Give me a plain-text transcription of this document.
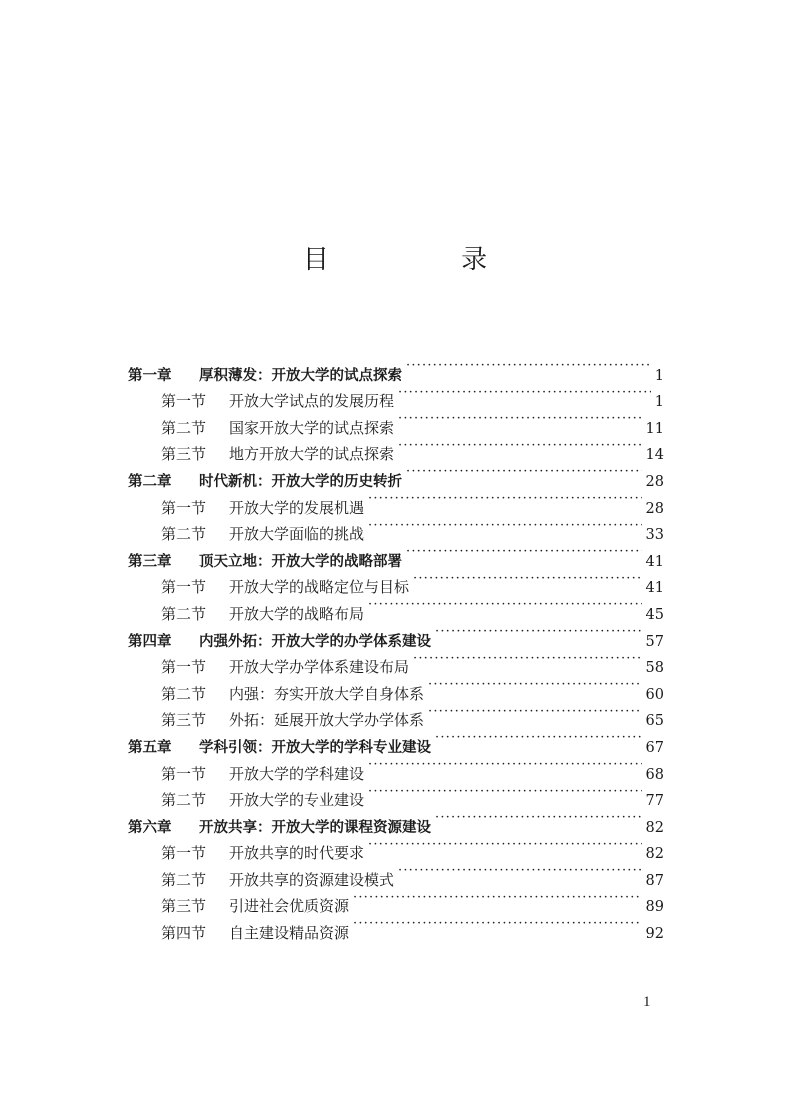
目 录
第一章	厚积薄发：开放大学的试点探索 ·····	1
第一节	开放大学试点的发展历程 ·····	1
第二节	国家开放大学的试点探索 ·····	11
第三节	地方开放大学的试点探索 ·····	14
第二章	时代新机：开放大学的历史转折 ·····	28
第一节	开放大学的发展机遇 ·····	28
第二节	开放大学面临的挑战 ·····	33
第三章	顶天立地：开放大学的战略部署 ·····	41
第一节	开放大学的战略定位与目标 ·····	41
第二节	开放大学的战略布局 ·····	45
第四章	内强外拓：开放大学的办学体系建设 ·····	57
第一节	开放大学办学体系建设布局 ·····	58
第二节	内强：夯实开放大学自身体系 ·····	60
第三节	外拓：延展开放大学办学体系 ·····	65
第五章	学科引领：开放大学的学科专业建设 ·····	67
第一节	开放大学的学科建设 ·····	68
第二节	开放大学的专业建设 ·····	77
第六章	开放共享：开放大学的课程资源建设 ·····	82
第一节	开放共享的时代要求 ·····	82
第二节	开放共享的资源建设模式 ·····	87
第三节	引进社会优质资源 ·····	89
第四节	自主建设精品资源 ·····	92
1
